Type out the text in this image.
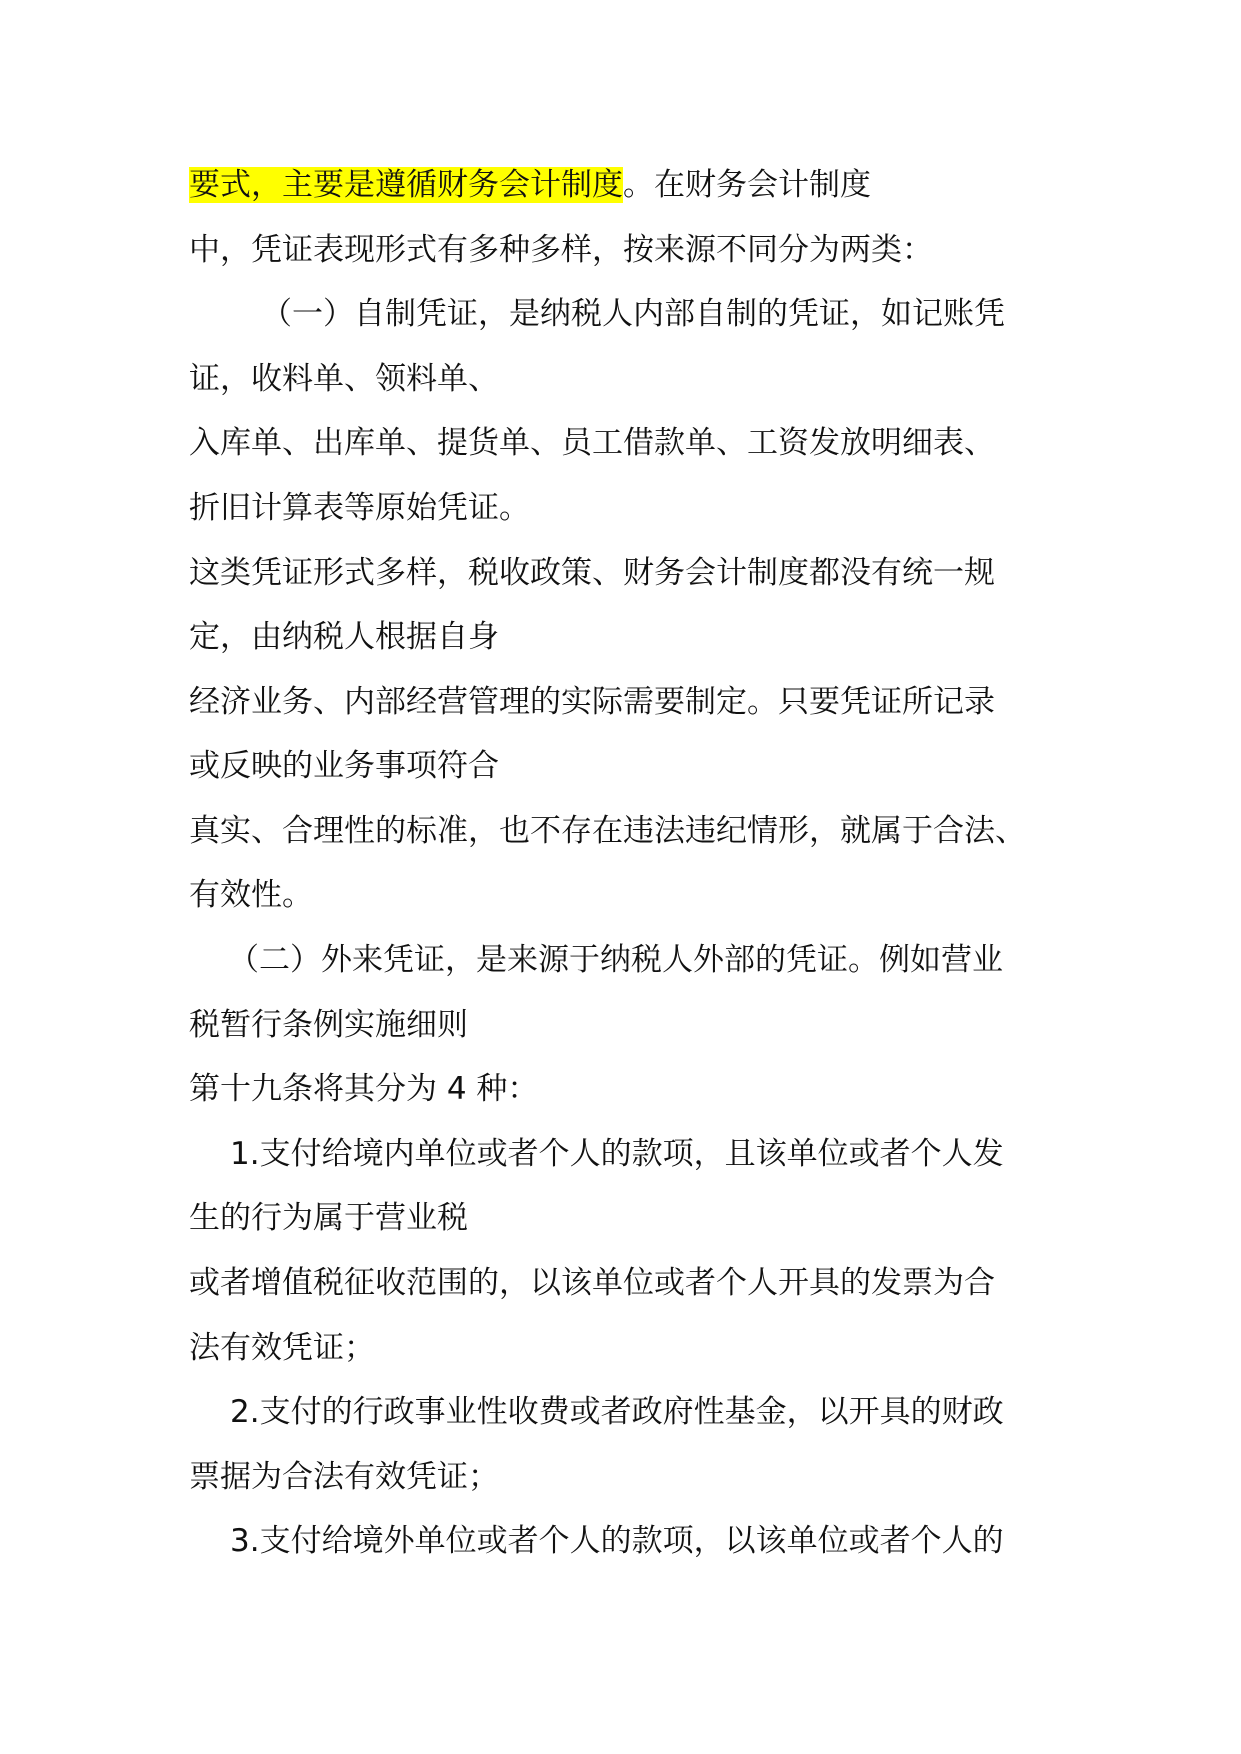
要式，主要是遵循财务会计制度。在财务会计制度
中，凭证表现形式有多种多样，按来源不同分为两类：
（一）自制凭证，是纳税人内部自制的凭证，如记账凭
证，收料单、领料单、
入库单、出库单、提货单、员工借款单、工资发放明细表、
折旧计算表等原始凭证。
这类凭证形式多样，税收政策、财务会计制度都没有统一规
定，由纳税人根据自身
经济业务、内部经营管理的实际需要制定。只要凭证所记录
或反映的业务事项符合
真实、合理性的标准，也不存在违法违纪情形，就属于合法、
有效性。
（二）外来凭证，是来源于纳税人外部的凭证。例如营业
税暂行条例实施细则
第十九条将其分为 4 种：
1.支付给境内单位或者个人的款项，且该单位或者个人发
生的行为属于营业税
或者增值税征收范围的，以该单位或者个人开具的发票为合
法有效凭证；
2.支付的行政事业性收费或者政府性基金，以开具的财政
票据为合法有效凭证；
3.支付给境外单位或者个人的款项，以该单位或者个人的
